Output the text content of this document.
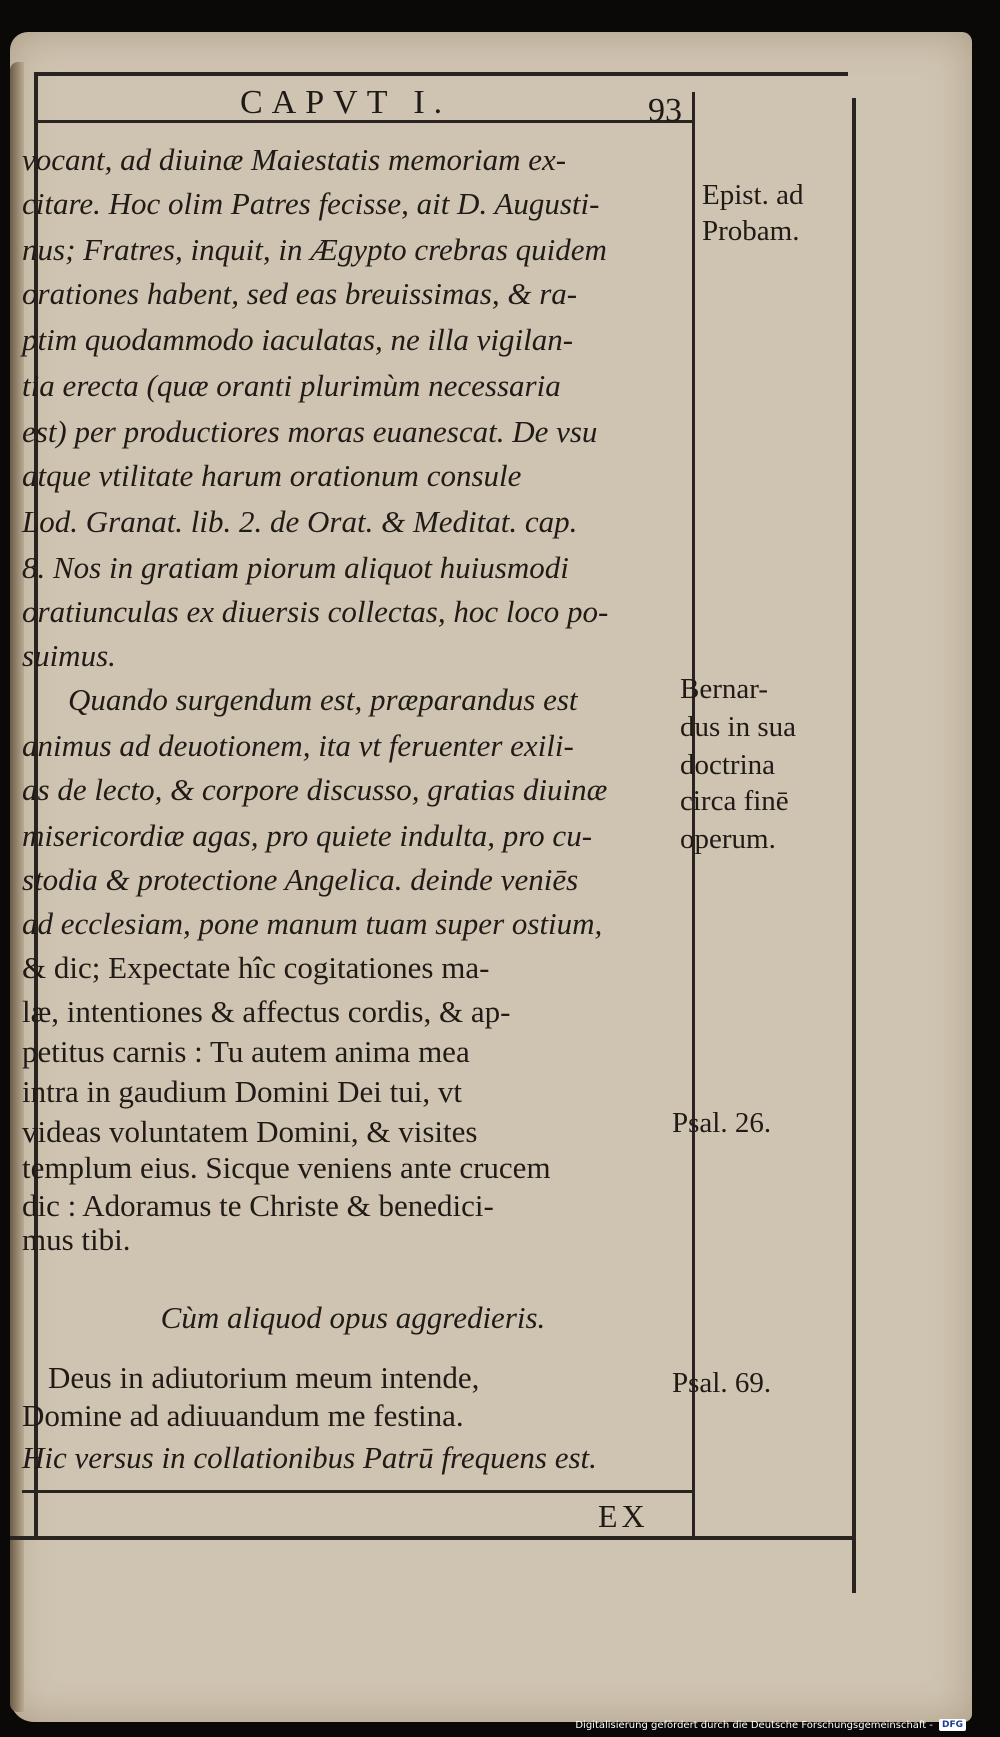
CAPVT I.	93
vocant, ad diuinæ Maiestatis memoriam ex-
citare. Hoc olim Patres fecisse, ait D. Augusti-
nus; Fratres, inquit, in Ægypto crebras quidem
orationes habent, sed eas breuissimas, & ra-
ptim quodammodo iaculatas, ne illa vigilan-
tia erecta (quæ oranti plurimùm necessaria
est) per productiores moras euanescat. De vsu
atque vtilitate harum orationum consule
Lod. Granat. lib. 2. de Orat. & Meditat. cap.
8. Nos in gratiam piorum aliquot huiusmodi
oratiunculas ex diuersis collectas, hoc loco po-
suimus.
Quando surgendum est, præparandus est
animus ad deuotionem, ita vt feruenter exili-
as de lecto, & corpore discusso, gratias diuinæ
misericordiæ agas, pro quiete indulta, pro cu-
stodia & protectione Angelica. deinde veniēs
ad ecclesiam, pone manum tuam super ostium,
& dic; Expectate hîc cogitationes ma-
læ, intentiones & affectus cordis, & ap-
petitus carnis : Tu autem anima mea
intra in gaudium Domini Dei tui, vt
videas voluntatem Domini, & visites
templum eius. Sicque veniens ante crucem
dic : Adoramus te Christe & benedici-
mus tibi.
Cùm aliquod opus aggredieris.
Deus in adiutorium meum intende,
Domine ad adiuuandum me festina.
Hic versus in collationibus Patrū frequens est.
Epist. ad
Probam.
Bernar-
dus in sua
doctrina
circa finē
operum.
Psal. 26.
Psal. 69.
EX
Digitalisierung gefördert durch die Deutsche Forschungsgemeinschaft -	DFG
